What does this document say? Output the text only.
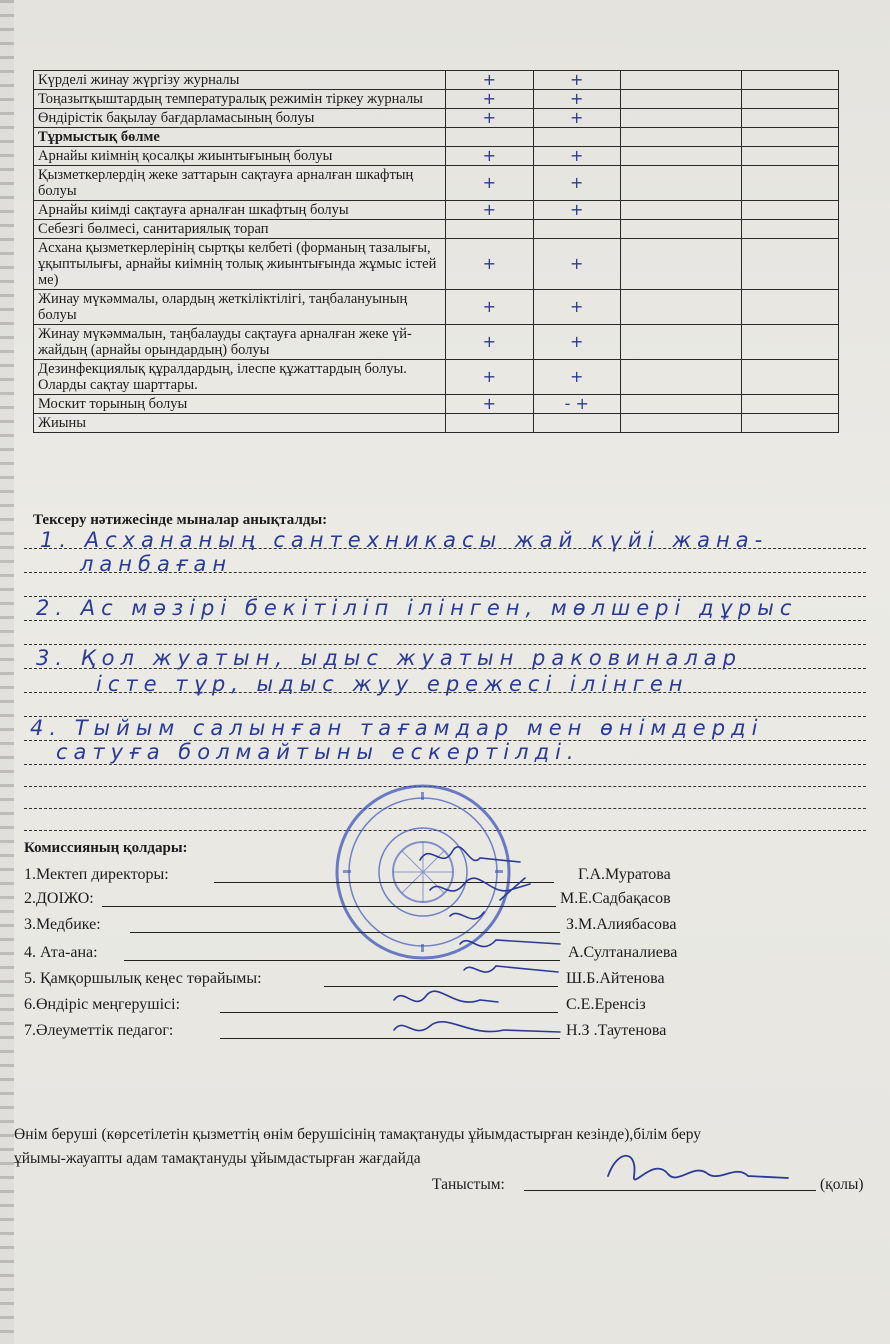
Күрделі жинау жүргізу журналы	+	+		
Тоңазытқыштардың температуралық режимін тіркеу журналы	+	+		
Өндірістік бақылау бағдарламасының болуы	+	+		
Тұрмыстық бөлме				
Арнайы киімнің қосалқы жиынтығының болуы	+	+		
Қызметкерлердің жеке заттарын сақтауға арналған шкафтың болуы	+	+		
Арнайы киімді сақтауға арналған шкафтың болуы	+	+		
Себезгі бөлмесі, санитариялық торап				
Асхана қызметкерлерінің сыртқы келбеті (форманың тазалығы, ұқыптылығы, арнайы киімнің толық жиынтығында жұмыс істей ме)	+	+		
Жинау мүкәммалы, олардың жеткіліктілігі, таңбалануының болуы	+	+		
Жинау мүкәммалын, таңбалауды сақтауға арналған жеке үй-жайдың (арнайы орындардың) болуы	+	+		
Дезинфекциялық құралдардың, ілеспе құжаттардың болуы. Оларды сақтау шарттары.	+	+		
Москит торының болуы	+	- +		
Жиыны				
Тексеру нәтижесінде мыналар анықталды:
1. Асхананың сантехникасы жай күйі жана-
ланбаған
2. Ас мәзірі бекітіліп ілінген, мөлшері дұрыс
3. Қол жуатын, ыдыс жуатын раковиналар
істе тұр, ыдыс жуу ережесі ілінген
4. Тыйым салынған тағамдар мен өнімдерді
сатуға болмайтыны ескертілді.
Комиссияның қолдары:
1.Мектеп директоры:	Г.А.Муратова
2.ДОІЖО:	М.Е.Садбақасов
3.Медбике:	З.М.Алиябасова
4. Ата-ана:	А.Султаналиева
5. Қамқоршылық кеңес төрайымы:	Ш.Б.Айтенова
6.Өндіріс меңгерушісі:	С.Е.Еренсіз
7.Әлеуметтік педагог:	Н.З .Таутенова
Өнім беруші (көрсетілетін қызметтің өнім берушісінің тамақтануды ұйымдастырған кезінде),білім беру
ұйымы-жауапты адам тамақтануды ұйымдастырған жағдайда
Таныстым:	(қолы)
